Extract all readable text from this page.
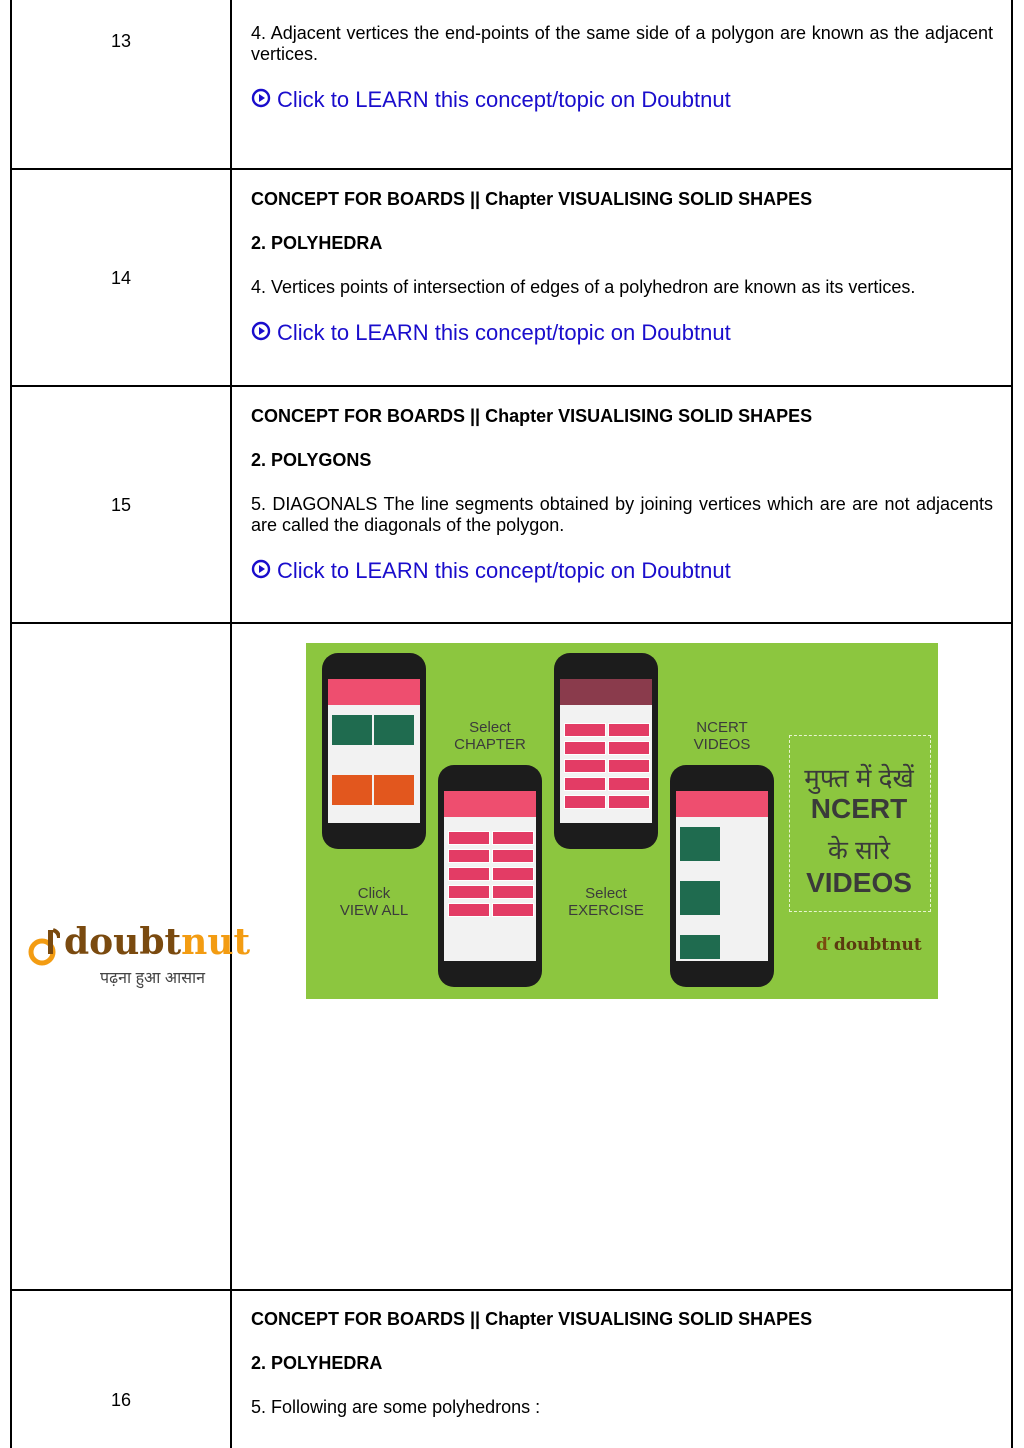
13	4. Adjacent vertices the end-points of the same side of a polygon are known as the adjacent vertices.
Click to LEARN this concept/topic on Doubtnut
14
CONCEPT FOR BOARDS || Chapter VISUALISING SOLID SHAPES
2. POLYHEDRA
4. Vertices points of intersection of edges of a polyhedron are known as its vertices.
Click to LEARN this concept/topic on Doubtnut
15
CONCEPT FOR BOARDS || Chapter VISUALISING SOLID SHAPES
2. POLYGONS
5. DIAGONALS The line segments obtained by joining vertices which are are not adjacents are called the diagonals of the polygon.
Click to LEARN this concept/topic on Doubtnut
doubtnut
पढ़ना हुआ आसान
Select
CHAPTER
NCERT
VIDEOS
Click
VIEW ALL
Select
EXERCISE
मुफ्त में देखें
NCERT
के सारे
VIDEOS
ď doubtnut
16
CONCEPT FOR BOARDS || Chapter VISUALISING SOLID SHAPES
2. POLYHEDRA
5. Following are some polyhedrons :
